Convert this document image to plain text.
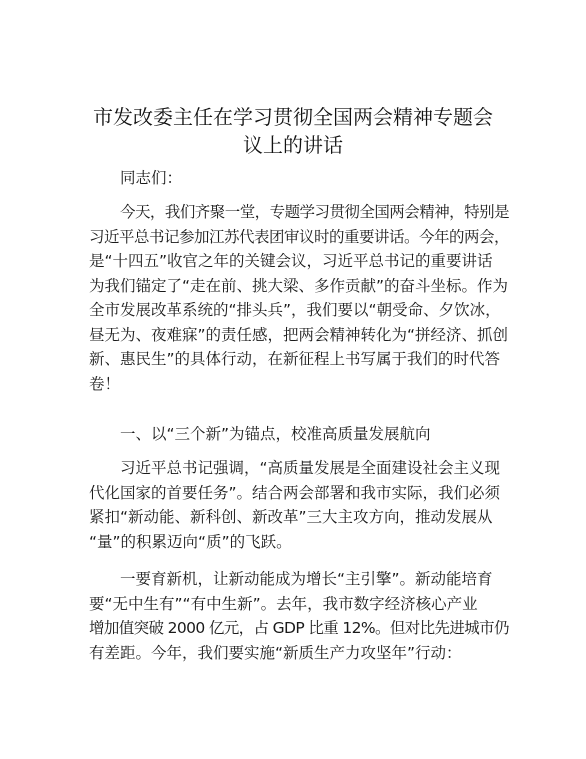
市发改委主任在学习贯彻全国两会精神专题会
议上的讲话
同志们：
今天，我们齐聚一堂，专题学习贯彻全国两会精神，特别是
习近平总书记参加江苏代表团审议时的重要讲话。今年的两会，
是“十四五”收官之年的关键会议，习近平总书记的重要讲话
为我们锚定了“走在前、挑大梁、多作贡献”的奋斗坐标。作为
全市发展改革系统的“排头兵”，我们要以“朝受命、夕饮冰，
昼无为、夜难寐”的责任感，把两会精神转化为“拼经济、抓创
新、惠民生”的具体行动，在新征程上书写属于我们的时代答
卷！
一、以“三个新”为锚点，校准高质量发展航向
习近平总书记强调，“高质量发展是全面建设社会主义现
代化国家的首要任务”。结合两会部署和我市实际，我们必须
紧扣“新动能、新科创、新改革”三大主攻方向，推动发展从
“量”的积累迈向“质”的飞跃。
一要育新机，让新动能成为增长“主引擎”。新动能培育
要“无中生有”“有中生新”。去年，我市数字经济核心产业
增加值突破 2000 亿元，占 GDP 比重 12%。但对比先进城市仍
有差距。今年，我们要实施“新质生产力攻坚年”行动：
